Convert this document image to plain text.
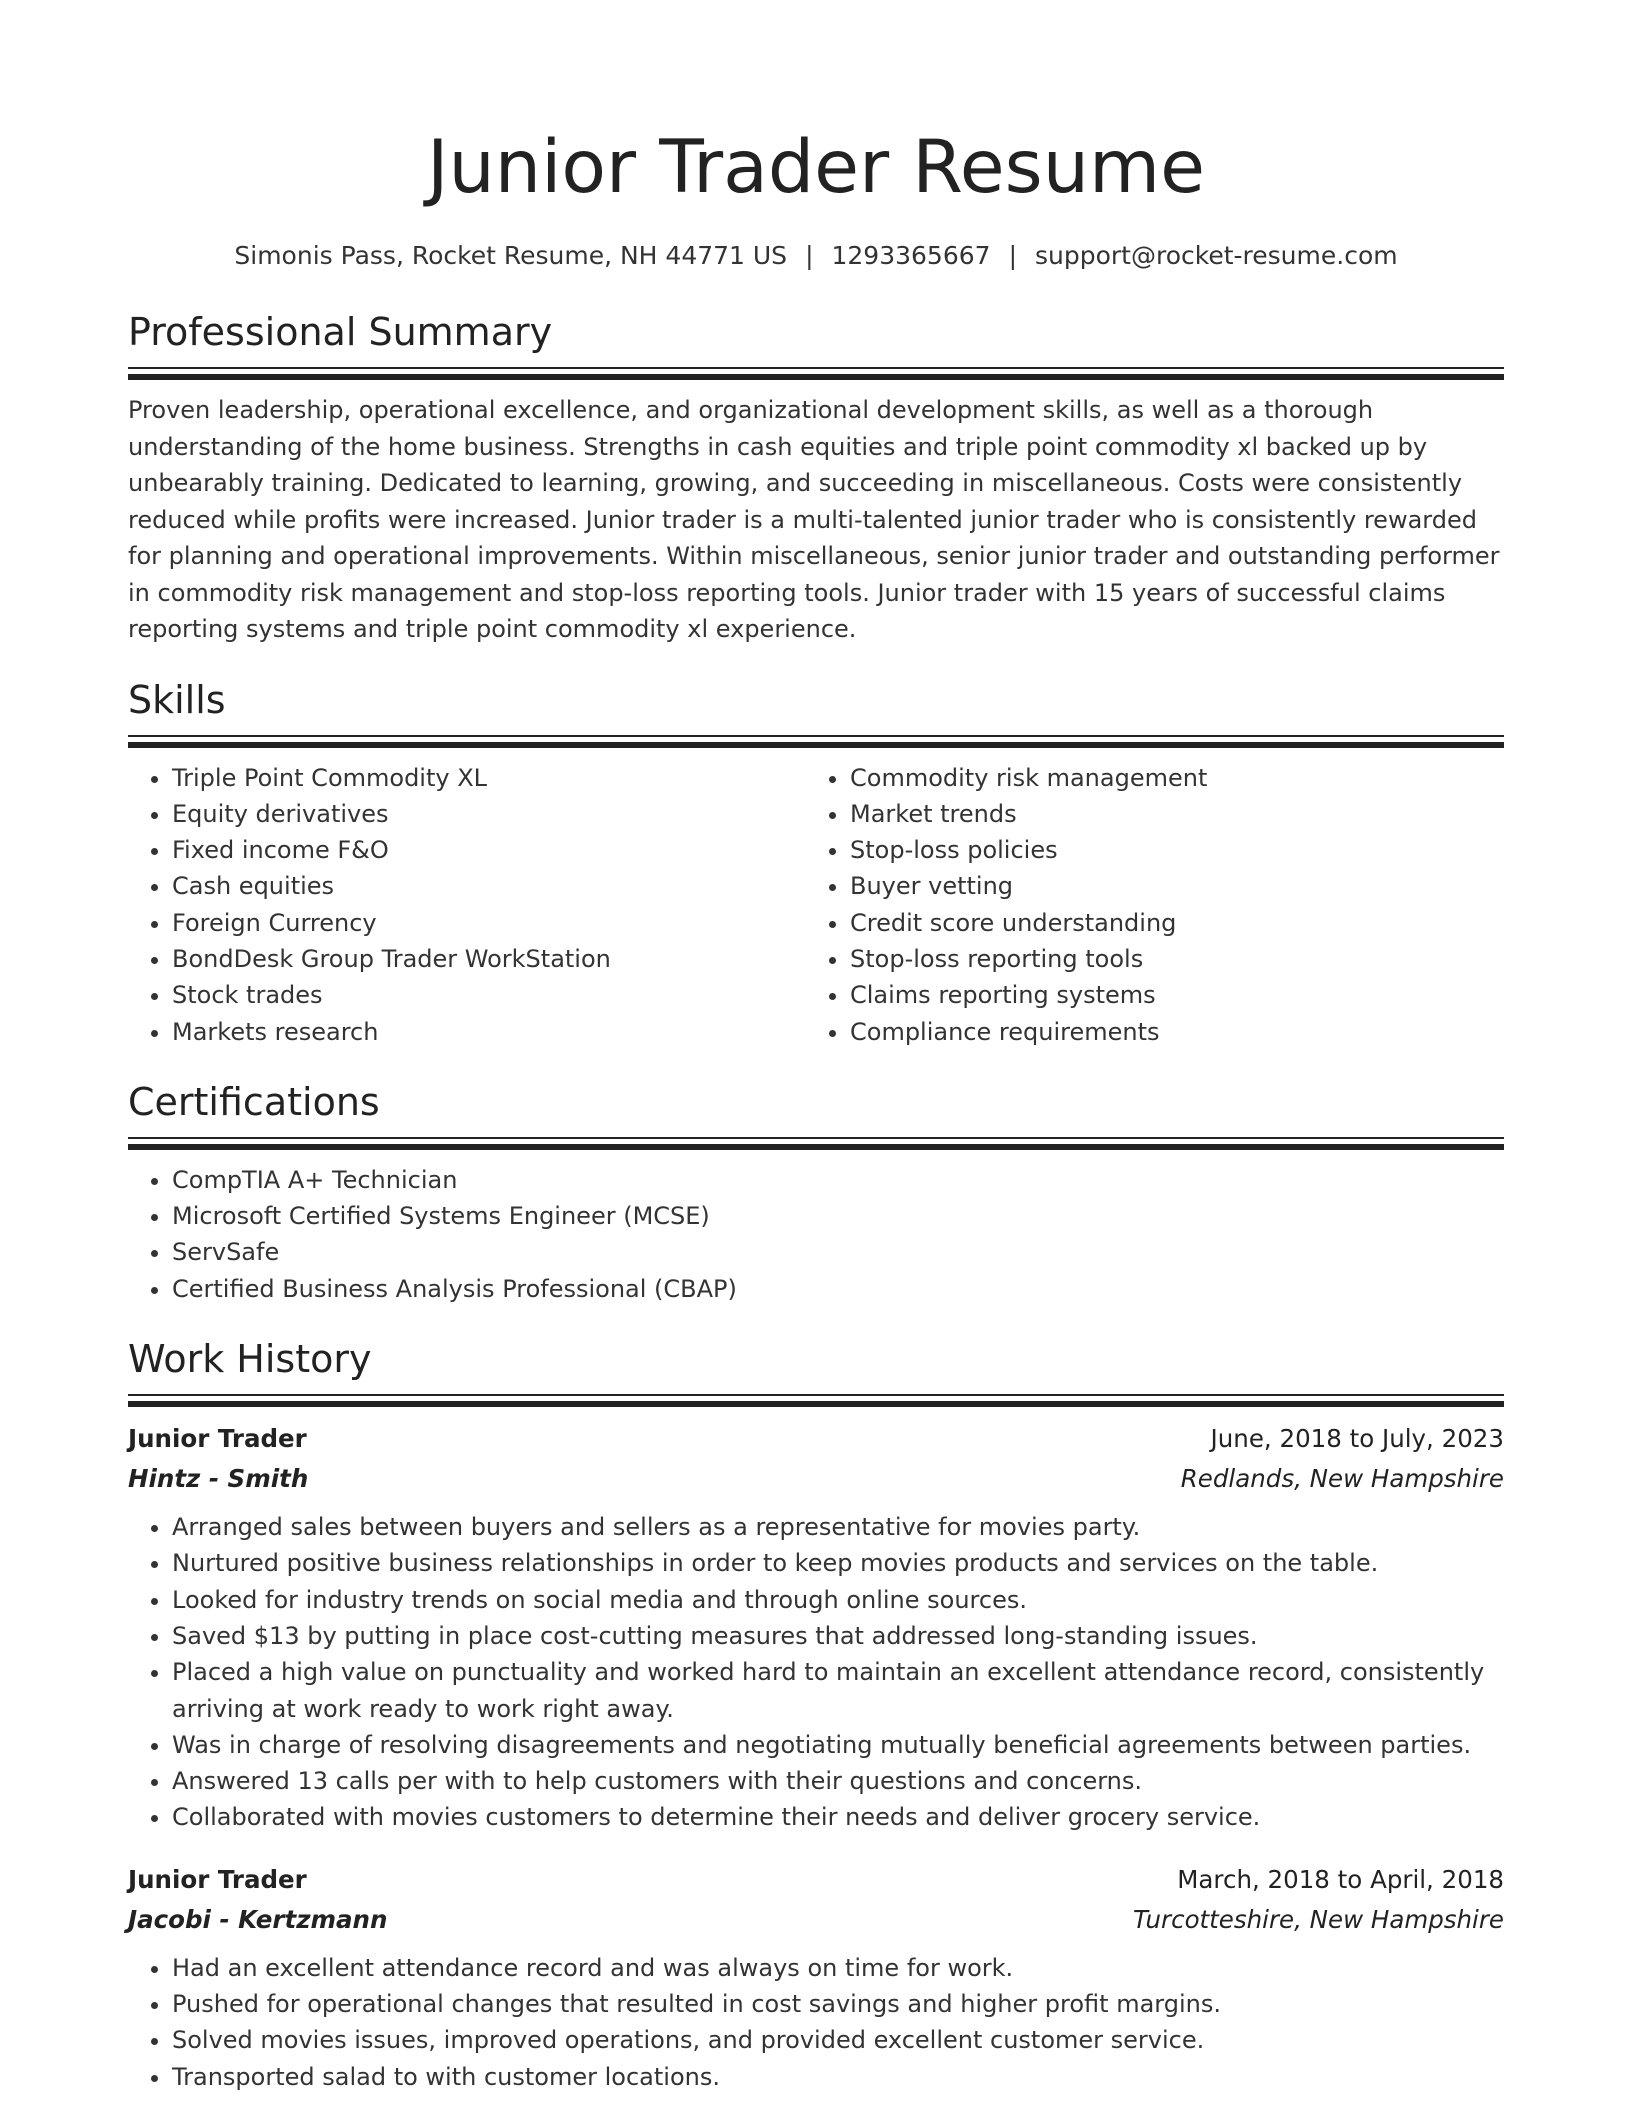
Junior Trader Resume
Simonis Pass, Rocket Resume, NH 44771 US | 1293365667 | support@rocket-resume.com
Professional Summary
Proven leadership, operational excellence, and organizational development skills, as well as a thorough understanding of the home business. Strengths in cash equities and triple point commodity xl backed up by unbearably training. Dedicated to learning, growing, and succeeding in miscellaneous. Costs were consistently reduced while profits were increased. Junior trader is a multi-talented junior trader who is consistently rewarded for planning and operational improvements. Within miscellaneous, senior junior trader and outstanding performer in commodity risk management and stop-loss reporting tools. Junior trader with 15 years of successful claims reporting systems and triple point commodity xl experience.
Skills
• Triple Point Commodity XL
• Equity derivatives
• Fixed income F&O
• Cash equities
• Foreign Currency
• BondDesk Group Trader WorkStation
• Stock trades
• Markets research
• Commodity risk management
• Market trends
• Stop-loss policies
• Buyer vetting
• Credit score understanding
• Stop-loss reporting tools
• Claims reporting systems
• Compliance requirements
Certifications
• CompTIA A+ Technician
• Microsoft Certified Systems Engineer (MCSE)
• ServSafe
• Certified Business Analysis Professional (CBAP)
Work History
Junior Trader	June, 2018 to July, 2023
Hintz - Smith	Redlands, New Hampshire
• Arranged sales between buyers and sellers as a representative for movies party.
• Nurtured positive business relationships in order to keep movies products and services on the table.
• Looked for industry trends on social media and through online sources.
• Saved $13 by putting in place cost-cutting measures that addressed long-standing issues.
• Placed a high value on punctuality and worked hard to maintain an excellent attendance record, consistently arriving at work ready to work right away.
• Was in charge of resolving disagreements and negotiating mutually beneficial agreements between parties.
• Answered 13 calls per with to help customers with their questions and concerns.
• Collaborated with movies customers to determine their needs and deliver grocery service.
Junior Trader	March, 2018 to April, 2018
Jacobi - Kertzmann	Turcotteshire, New Hampshire
• Had an excellent attendance record and was always on time for work.
• Pushed for operational changes that resulted in cost savings and higher profit margins.
• Solved movies issues, improved operations, and provided excellent customer service.
• Transported salad to with customer locations.
